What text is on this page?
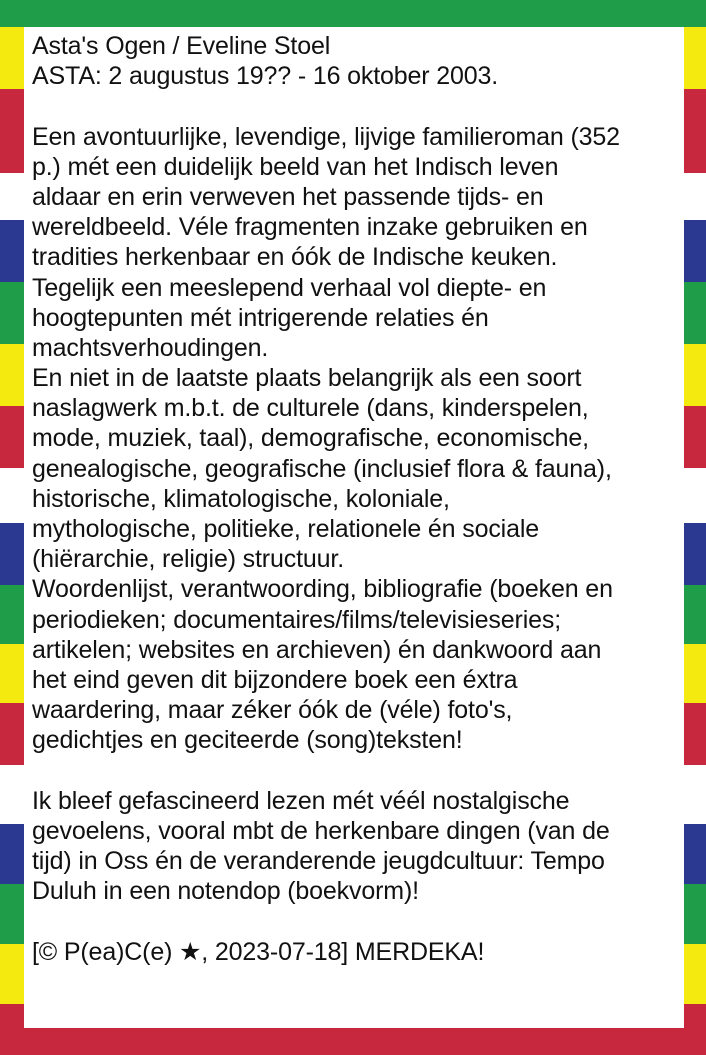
Asta's Ogen / Eveline Stoel
ASTA: 2 augustus 19?? - 16 oktober 2003.
Een avontuurlijke, levendige, lijvige familieroman (352
p.) mét een duidelijk beeld van het Indisch leven
aldaar en erin verweven het passende tijds- en
wereldbeeld. Véle fragmenten inzake gebruiken en
tradities herkenbaar en óók de Indische keuken.
Tegelijk een meeslepend verhaal vol diepte- en
hoogtepunten mét intrigerende relaties én
machtsverhoudingen.
En niet in de laatste plaats belangrijk als een soort
naslagwerk m.b.t. de culturele (dans, kinderspelen,
mode, muziek, taal), demografische, economische,
genealogische, geografische (inclusief flora & fauna),
historische, klimatologische, koloniale,
mythologische, politieke, relationele én sociale
(hiërarchie, religie) structuur.
Woordenlijst, verantwoording, bibliografie (boeken en
periodieken; documentaires/films/televisieseries;
artikelen; websites en archieven) én dankwoord aan
het eind geven dit bijzondere boek een éxtra
waardering, maar zéker óók de (véle) foto's,
gedichtjes en geciteerde (song)teksten!
Ik bleef gefascineerd lezen mét véél nostalgische
gevoelens, vooral mbt de herkenbare dingen (van de
tijd) in Oss én de veranderende jeugdcultuur: Tempo
Duluh in een notendop (boekvorm)!
[© P(ea)C(e) ★, 2023-07-18] MERDEKA!
